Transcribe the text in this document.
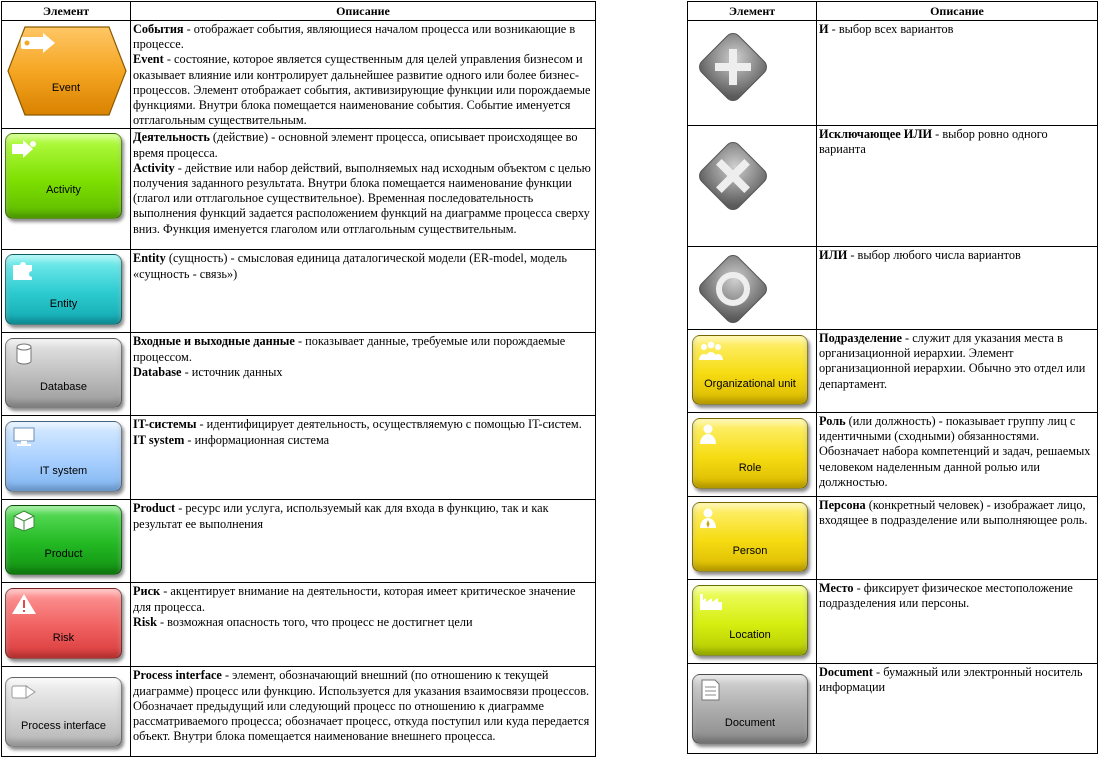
Элемент	Описание

Event	События - отображает события, являющиеся началом процесса или возникающие в процессе.

Event - состояние, которое является существенным для целей управления бизнесом и оказывает влияние или контролирует дальнейшее развитие одного или более бизнес-процессов. Элемент отображает события, активизирующие функции или порождаемые функциями. Внутри блока помещается наименование события. Событие именуется отглагольным существительным.

Activity	Деятельность (действие) - основной элемент процесса, описывает происходящее во время процесса.

Activity - действие или набор действий, выполняемых над исходным объектом с целью получения заданного результата. Внутри блока помещается наименование функции (глагол или отглагольное существительное). Временная последовательность выполнения функций задается расположением функций на диаграмме процесса сверху вниз. Функция именуется глаголом или отглагольным существительным.

Entity	Entity (сущность) - смысловая единица даталогической модели (ER-model, модель «сущность - связь»)

Database	Входные и выходные данные - показывает данные, требуемые или порождаемые процессом.

Database - источник данных

IT system	IT-системы - идентифицирует деятельность, осуществляемую с помощью IT-систем.

IT system - информационная система

Product	Product - ресурс или услуга, используемый как для входа в функцию, так и как результат ее выполнения

Risk	Риск - акцентирует внимание на деятельности, которая имеет критическое значение для процесса.

Risk - возможная опасность того, что процесс не достигнет цели

Process interface	Process interface - элемент, обозначающий внешний (по отношению к текущей диаграмме) процесс или функцию. Используется для указания взаимосвязи процессов. Обозначает предыдущий или следующий процесс по отношению к диаграмме рассматриваемого процесса; обозначает процесс, откуда поступил или куда передается объект. Внутри блока помещается наименование внешнего процесса.

Элемент	Описание

И - выбор всех вариантов

Исключающее ИЛИ - выбор ровно одного варианта

ИЛИ - выбор любого числа вариантов

Organizational unit	Подразделение - служит для указания места в организационной иерархии. Элемент организационной иерархии. Обычно это отдел или департамент.

Role	Роль (или должность) - показывает группу лиц с идентичными (сходными) обязанностями. Обозначает набора компетенций и задач, решаемых человеком наделенным данной ролью или должностью.

Person	Персона (конкретный человек) - изображает лицо, входящее в подразделение или выполняющее роль.

Location	Место - фиксирует физическое местоположение подразделения или персоны.

Document	Document - бумажный или электронный носитель информации
